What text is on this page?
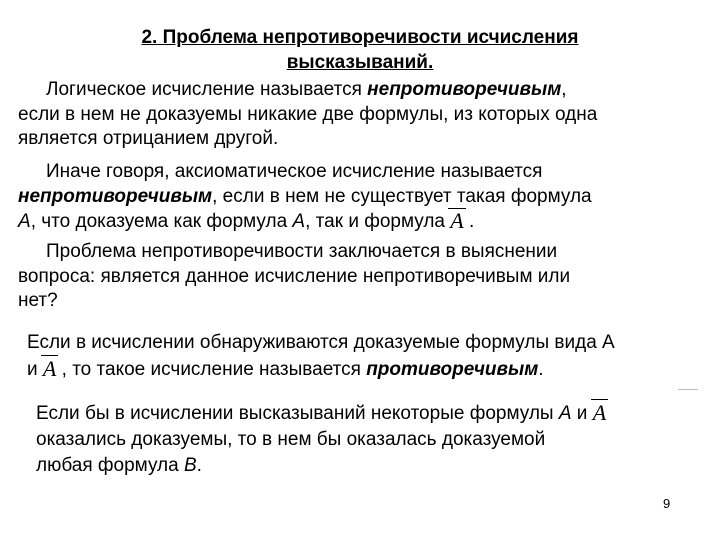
2. Проблема непротиворечивости исчисления
высказываний.
Логическое исчисление называется непротиворечивым,
если в нем не доказуемы никакие две формулы, из которых одна
является отрицанием другой.
Иначе говоря, аксиоматическое исчисление называется
непротиворечивым, если в нем не существует такая формула
A, что доказуема как формула A, так и формула A .
Проблема непротиворечивости заключается в выяснении
вопроса: является данное исчисление непротиворечивым или
нет?
Если в исчислении обнаруживаются доказуемые формулы вида А
и
A , то такое исчисление называется противоречивым.
Если бы в исчислении высказываний некоторые формулы A и
A
оказались доказуемы, то в нем бы оказалась доказуемой
любая формула B.
9
